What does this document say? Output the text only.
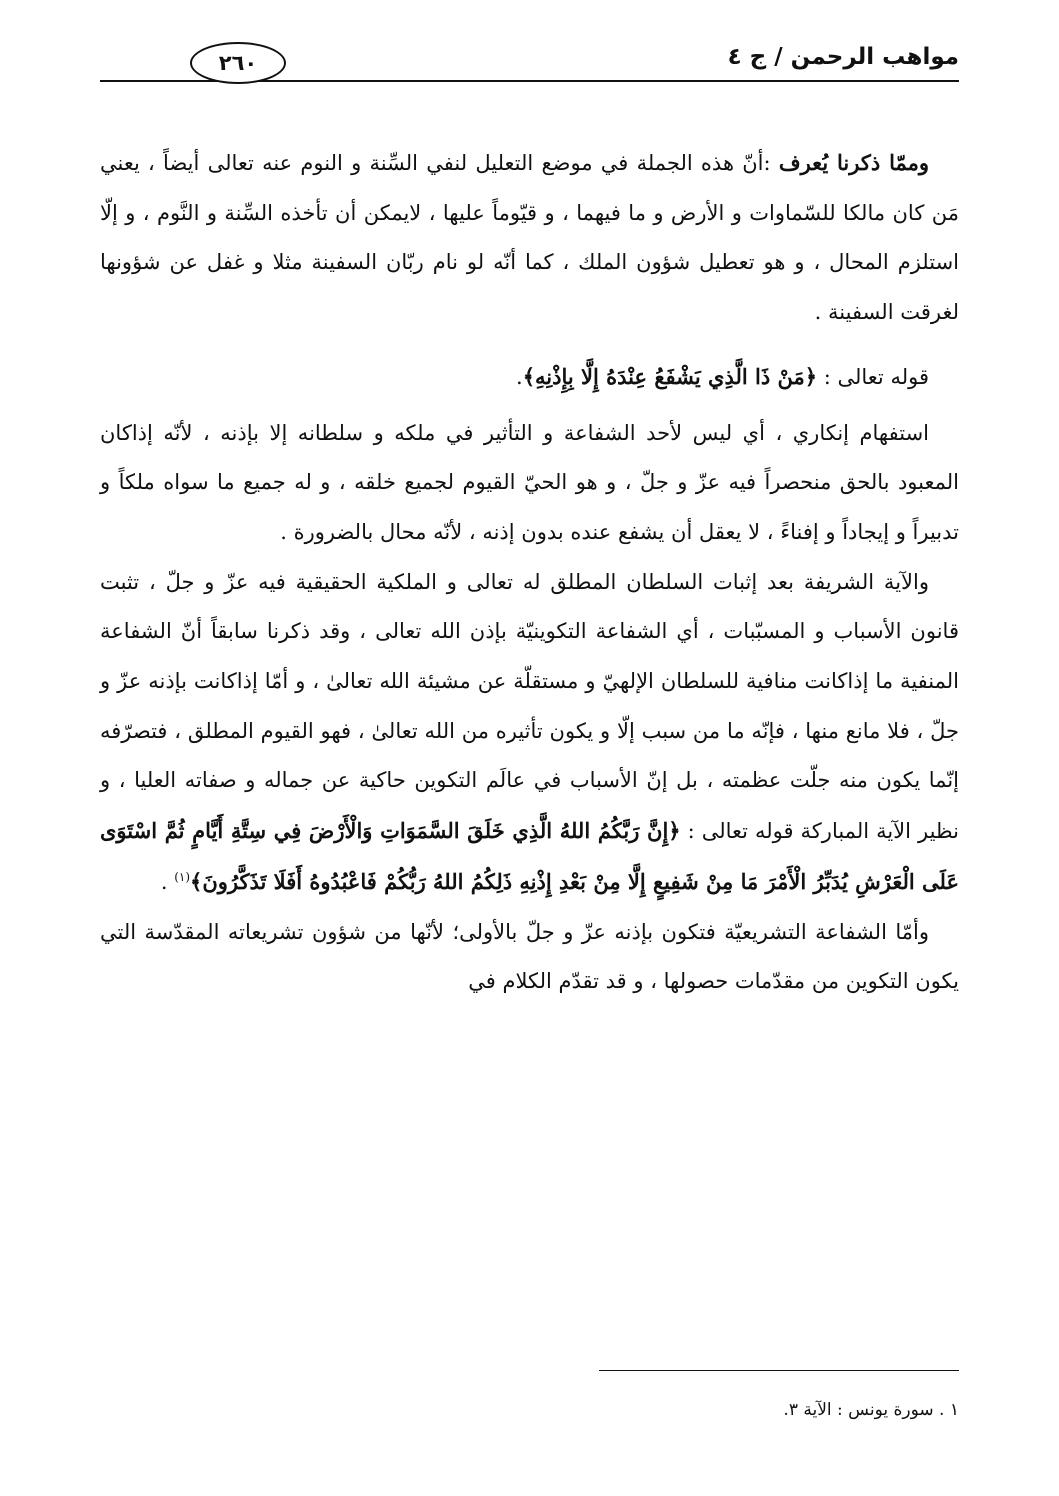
مواهب الرحمن / ج ٤
٢٦٠

وممّا ذكرنا يُعرف :أنّ هذه الجملة في موضع التعليل لنفي السِّنة و النوم عنه تعالى أيضاً ، يعني مَن كان مالكا للسّماوات و الأرض و ما فيهما ، و قيّوماً عليها ، لايمكن أن تأخذه السِّنة و النَّوم ، و إلّا استلزم المحال ، و هو تعطيل شؤون الملك ، كما أنّه لو نام ربّان السفينة مثلا و غفل عن شؤونها لغرقت السفينة .

قوله تعالى : ﴿مَنْ ذَا الَّذِي يَشْفَعُ عِنْدَهُ إِلَّا بِإِذْنِهِ﴾.

استفهام إنكاري ، أي ليس لأحد الشفاعة و التأثير في ملكه و سلطانه إلا بإذنه ، لأنّه إذاكان المعبود بالحق منحصراً فيه عزّ و جلّ ، و هو الحيّ القيوم لجميع خلقه ، و له جميع ما سواه ملكاً و تدبيراً و إيجاداً و إفناءً ، لا يعقل أن يشفع عنده بدون إذنه ، لأنّه محال بالضرورة .

والآية الشريفة بعد إثبات السلطان المطلق له تعالى و الملكية الحقيقية فيه عزّ و جلّ ، تثبت قانون الأسباب و المسبّبات ، أي الشفاعة التكوينيّة بإذن الله تعالى ، وقد ذكرنا سابقاً أنّ الشفاعة المنفية ما إذاكانت منافية للسلطان الإلهيّ و مستقلّة عن مشيئة الله تعالىٰ ، و أمّا إذاكانت بإذنه عزّ و جلّ ، فلا مانع منها ، فإنّه ما من سبب إلّا و يكون تأثيره من الله تعالىٰ ، فهو القيوم المطلق ، فتصرّفه إنّما يكون منه جلّت عظمته ، بل إنّ الأسباب في عالَم التكوين حاكية عن جماله و صفاته العليا ، و نظير الآية المباركة قوله تعالى : ﴿إِنَّ رَبَّكُمُ اللهُ الَّذِي خَلَقَ السَّمَوَاتِ وَالْأَرْضَ فِي سِتَّةِ أَيَّامٍ ثُمَّ اسْتَوَى عَلَى الْعَرْشِ يُدَبِّرُ الْأَمْرَ مَا مِنْ شَفِيعٍ إِلَّا مِنْ بَعْدِ إِذْنِهِ ذَلِكُمُ اللهُ رَبُّكُمْ فَاعْبُدُوهُ أَفَلَا تَذَكَّرُونَ﴾$^{(١)}$ .

وأمّا الشفاعة التشريعيّة فتكون بإذنه عزّ و جلّ بالأولى؛ لأنّها من شؤون تشريعاته المقدّسة التي يكون التكوين من مقدّمات حصولها ، و قد تقدّم الكلام في

١ . سورة يونس : الآية ٣.
